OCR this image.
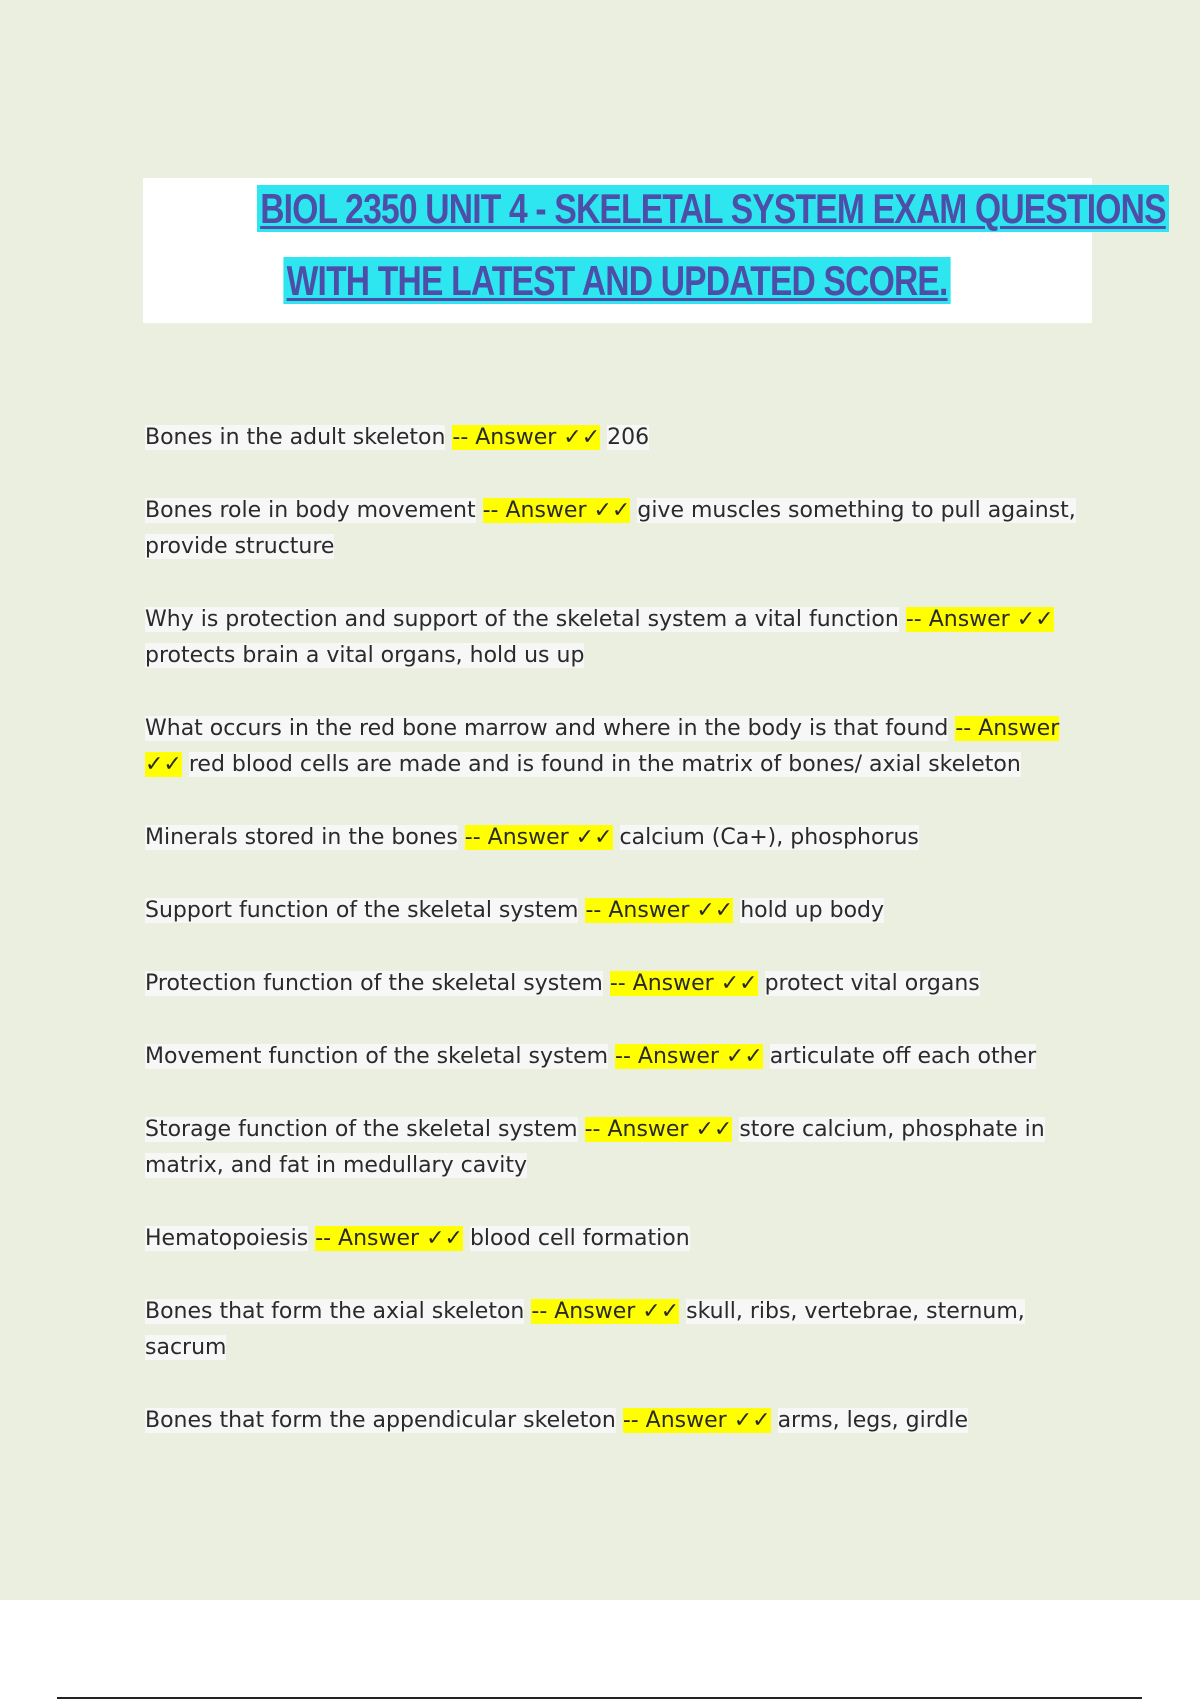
BIOL 2350 UNIT 4 - SKELETAL SYSTEM EXAM QUESTIONS
WITH THE LATEST AND UPDATED SCORE.
Bones in the adult skeleton -- Answer ✓✓ 206
Bones role in body movement -- Answer ✓✓ give muscles something to pull against, provide structure
Why is protection and support of the skeletal system a vital function -- Answer ✓✓ protects brain a vital organs, hold us up
What occurs in the red bone marrow and where in the body is that found -- Answer ✓✓ red blood cells are made and is found in the matrix of bones/ axial skeleton
Minerals stored in the bones -- Answer ✓✓ calcium (Ca+), phosphorus
Support function of the skeletal system -- Answer ✓✓ hold up body
Protection function of the skeletal system -- Answer ✓✓ protect vital organs
Movement function of the skeletal system -- Answer ✓✓ articulate off each other
Storage function of the skeletal system -- Answer ✓✓ store calcium, phosphate in matrix, and fat in medullary cavity
Hematopoiesis -- Answer ✓✓ blood cell formation
Bones that form the axial skeleton -- Answer ✓✓ skull, ribs, vertebrae, sternum, sacrum
Bones that form the appendicular skeleton -- Answer ✓✓ arms, legs, girdle
